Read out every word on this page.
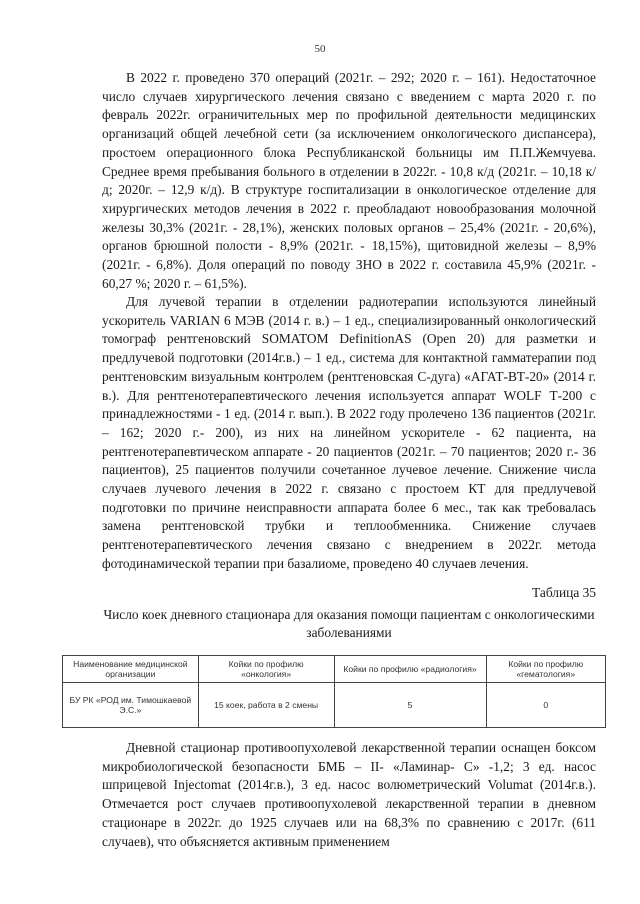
50

В 2022 г. проведено 370 операций (2021г. – 292; 2020 г. – 161). Недостаточное число случаев хирургического лечения связано с введением с марта 2020 г. по февраль 2022г. ограничительных мер по профильной деятельности медицинских организаций общей лечебной сети (за исключением онкологического диспансера), простоем операционного блока Республиканской больницы им П.П.Жемчуева. Среднее время пребывания больного в отделении в 2022г. - 10,8 к/д (2021г. – 10,18 к/д; 2020г. – 12,9 к/д). В структуре госпитализации в онкологическое отделение для хирургических методов лечения в 2022 г. преобладают новообразования молочной железы 30,3% (2021г. - 28,1%), женских половых органов – 25,4% (2021г. - 20,6%), органов брюшной полости - 8,9% (2021г. - 18,15%), щитовидной железы – 8,9% (2021г. - 6,8%). Доля операций по поводу ЗНО в 2022 г. составила 45,9% (2021г. - 60,27 %; 2020 г. – 61,5%).

Для лучевой терапии в отделении радиотерапии используются линейный ускоритель VARIAN 6 МЭВ (2014 г. в.) – 1 ед., специализированный онкологический томограф рентгеновский SOMATOM DefinitionAS (Open 20) для разметки и предлучевой подготовки (2014г.в.) – 1 ед., система для контактной гамматерапии под рентгеновским визуальным контролем (рентгеновская С-дуга) «АГАТ-ВТ-20» (2014 г. в.). Для рентгенотерапевтического лечения используется аппарат WOLF Т-200 с принадлежностями - 1 ед. (2014 г. вып.). В 2022 году пролечено 136 пациентов (2021г. – 162; 2020 г.- 200), из них на линейном ускорителе - 62 пациента, на рентгенотерапевтическом аппарате - 20 пациентов (2021г. – 70 пациентов; 2020 г.- 36 пациентов), 25 пациентов получили сочетанное лучевое лечение. Снижение числа случаев лучевого лечения в 2022 г. связано с простоем КТ для предлучевой подготовки по причине неисправности аппарата более 6 мес., так как требовалась замена рентгеновской трубки и теплообменника. Снижение случаев рентгенотерапевтического лечения связано с внедрением в 2022г. метода фотодинамической терапии при базалиоме, проведено 40 случаев лечения.

Таблица 35
Число коек дневного стационара для оказания помощи пациентам с онкологическими заболеваниями
Наименование медицинской организации	Койки по профилю «онкология»	Койки по профилю «радиология»	Койки по профилю «гематология»
БУ РК «РОД им. Тимошкаевой Э.С.»	15 коек, работа в 2 смены	5	0

Дневной стационар противоопухолевой лекарственной терапии оснащен боксом микробиологической безопасности БМБ – II- «Ламинар- С» -1,2; 3 ед. насос шприцевой Injectomat (2014г.в.), 3 ед. насос волюметрический Volumat (2014г.в.). Отмечается рост случаев противоопухолевой лекарственной терапии в дневном стационаре в 2022г. до 1925 случаев или на 68,3% по сравнению с 2017г. (611 случаев), что объясняется активным применением
